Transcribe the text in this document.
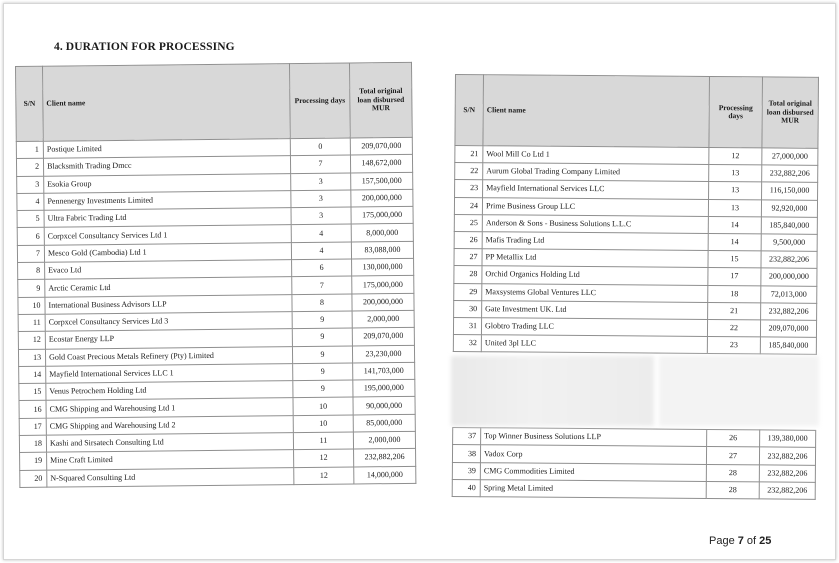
4. DURATION FOR PROCESSING
S/N	Client name	Processing days	Total original loan disbursed MUR
1	Postique Limited	0	209,070,000
2	Blacksmith Trading Dmcc	7	148,672,000
3	Esokia Group	3	157,500,000
4	Pennenergy Investments Limited	3	200,000,000
5	Ultra Fabric Trading Ltd	3	175,000,000
6	Corpxcel Consultancy Services Ltd 1	4	8,000,000
7	Mesco Gold (Cambodia) Ltd 1	4	83,088,000
8	Evaco Ltd	6	130,000,000
9	Arctic Ceramic Ltd	7	175,000,000
10	International Business Advisors LLP	8	200,000,000
11	Corpxcel Consultancy Services Ltd 3	9	2,000,000
12	Ecostar Energy LLP	9	209,070,000
13	Gold Coast Precious Metals Refinery (Pty) Limited	9	23,230,000
14	Mayfield International Services LLC 1	9	141,703,000
15	Venus Petrochem Holding Ltd	9	195,000,000
16	CMG Shipping and Warehousing Ltd 1	10	90,000,000
17	CMG Shipping and Warehousing Ltd 2	10	85,000,000
18	Kashi and Sirsatech Consulting Ltd	11	2,000,000
19	Mine Craft Limited	12	232,882,206
20	N-Squared Consulting Ltd	12	14,000,000
S/N	Client name	Processing days	Total original loan disbursed MUR
21	Wool Mill Co Ltd 1	12	27,000,000
22	Aurum Global Trading Company Limited	13	232,882,206
23	Mayfield International Services LLC	13	116,150,000
24	Prime Business Group LLC	13	92,920,000
25	Anderson & Sons - Business Solutions L.L.C	14	185,840,000
26	Mafis Trading Ltd	14	9,500,000
27	PP Metallix Ltd	15	232,882,206
28	Orchid Organics Holding Ltd	17	200,000,000
29	Maxsystems Global Ventures LLC	18	72,013,000
30	Gate Investment UK. Ltd	21	232,882,206
31	Globtro Trading LLC	22	209,070,000
32	United 3pl LLC	23	185,840,000

37	Top Winner Business Solutions LLP	26	139,380,000
38	Vadox Corp	27	232,882,206
39	CMG Commodities Limited	28	232,882,206
40	Spring Metal Limited	28	232,882,206
Page 7 of 25
